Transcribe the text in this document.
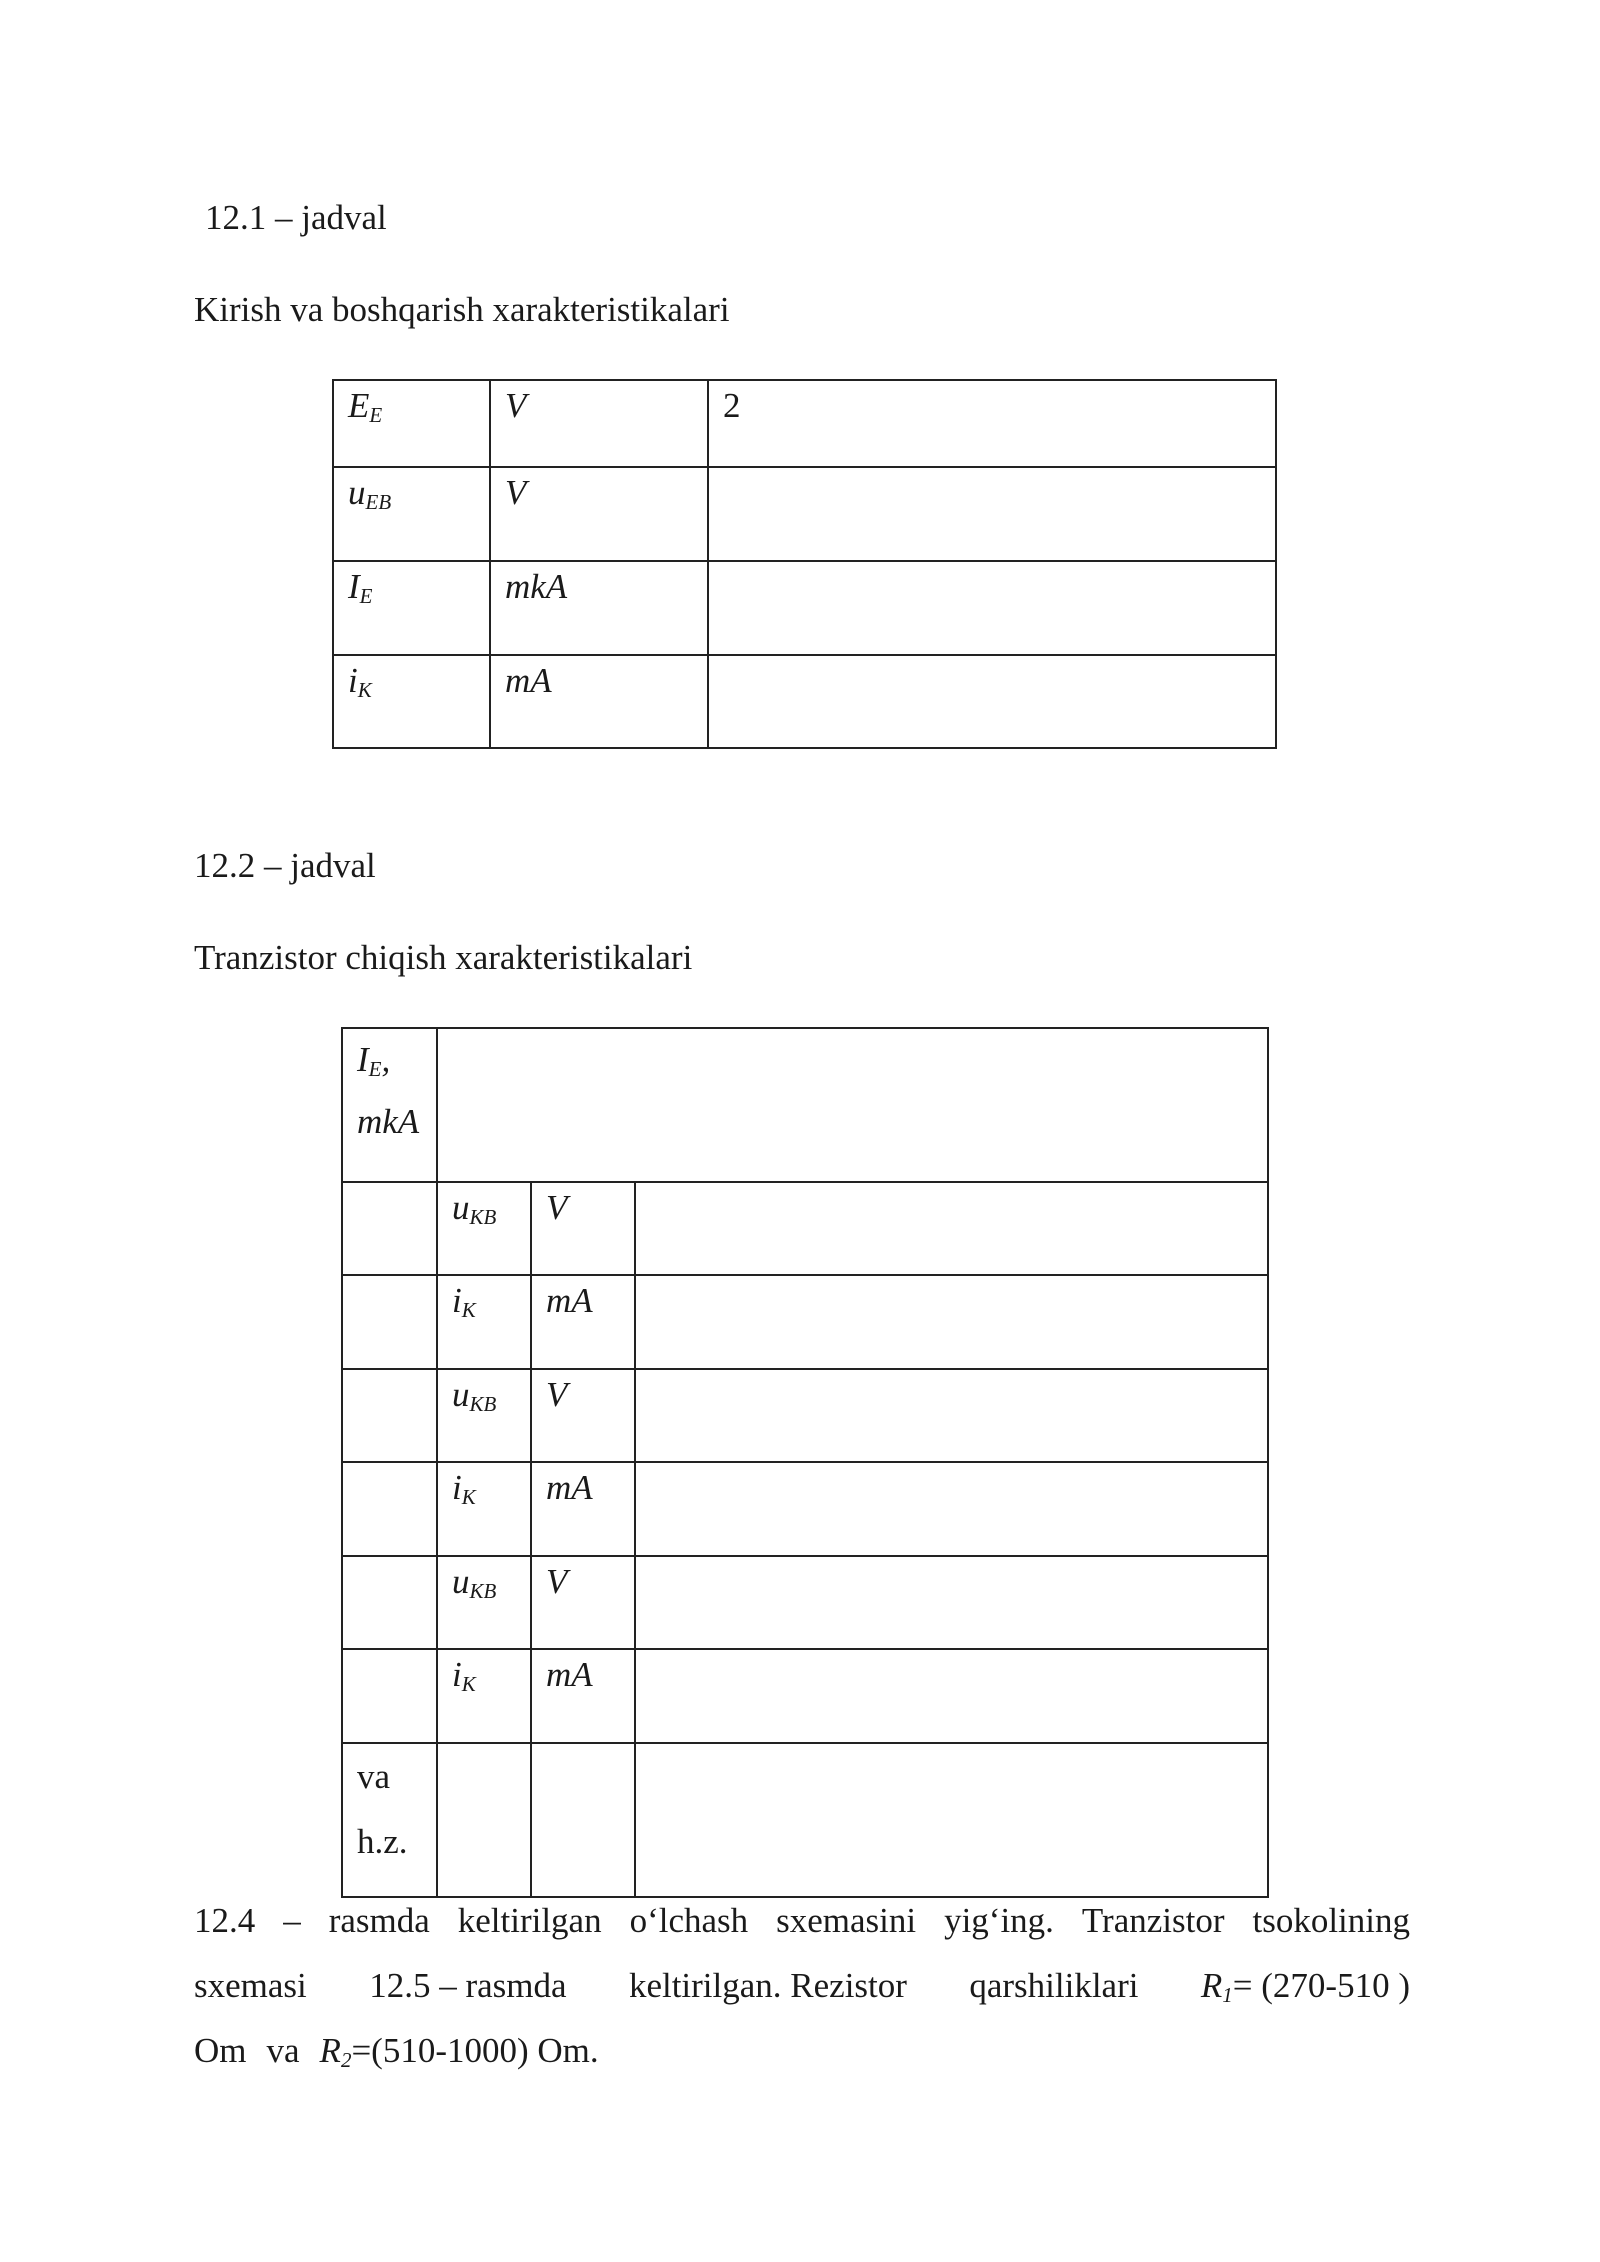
12.1 – jadval
Kirish va boshqarish xarakteristikalari
$E_E$	V	2
$u_{EB}$	V	
$I_E$	mkA	
$i_K$	mA	
12.2 – jadval
Tranzistor chiqish xarakteristikalari
$I_E$,
mkA			
	$u_{KB}$	V	
	$i_K$	mA	
	$u_{KB}$	V	
	$i_K$	mA	
	$u_{KB}$	V	
	$i_K$	mA	
va
h.z.			
12.4 – rasmda keltirilgan o‘lchash sxemasini yig‘ing. Tranzistor tsokolining
sxemasi 12.5 – rasmda keltirilgan. Rezistor qarshiliklari $R_1= (270-510$ )
Om va $R_2=(510-1000)$ Om.
